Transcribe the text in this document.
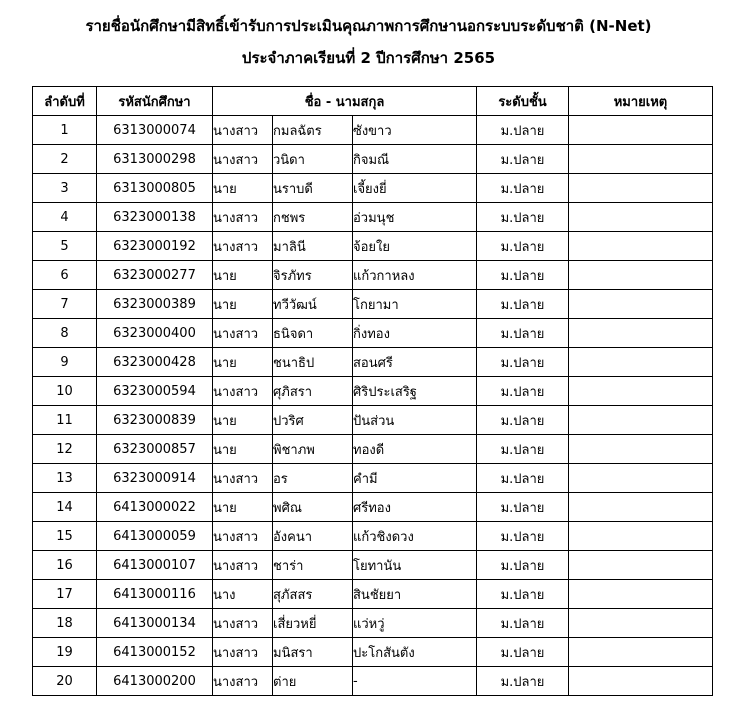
รายชื่อนักศึกษามีสิทธิ์เข้ารับการประเมินคุณภาพการศึกษานอกระบบระดับชาติ (N-Net)
ประจำภาคเรียนที่ 2 ปีการศึกษา 2565
ลำดับที่	รหัสนักศึกษา	ชื่อ - นามสกุล			ระดับชั้น	หมายเหตุ
1	6313000074	นางสาว	กมลฉัตร	ซังขาว	ม.ปลาย	
2	6313000298	นางสาว	วนิดา	กิจมณี	ม.ปลาย	
3	6313000805	นาย	นราบดี	เจี้ยงยี่	ม.ปลาย	
4	6323000138	นางสาว	กชพร	อ่วมนุช	ม.ปลาย	
5	6323000192	นางสาว	มาลินี	จ้อยใย	ม.ปลาย	
6	6323000277	นาย	จิรภัทร	แก้วกาหลง	ม.ปลาย	
7	6323000389	นาย	ทวีวัฒน์	โกยามา	ม.ปลาย	
8	6323000400	นางสาว	ธนิจดา	กิ่งทอง	ม.ปลาย	
9	6323000428	นาย	ชนาธิป	สอนศรี	ม.ปลาย	
10	6323000594	นางสาว	ศุภิสรา	ศิริประเสริฐ	ม.ปลาย	
11	6323000839	นาย	ปวริศ	ปันส่วน	ม.ปลาย	
12	6323000857	นาย	พิชาภพ	ทองดี	ม.ปลาย	
13	6323000914	นางสาว	อร	คำมี	ม.ปลาย	
14	6413000022	นาย	พศิณ	ศรีทอง	ม.ปลาย	
15	6413000059	นางสาว	อังคนา	แก้วชิงดวง	ม.ปลาย	
16	6413000107	นางสาว	ชาร่า	โยทานัน	ม.ปลาย	
17	6413000116	นาง	สุภัสสร	สินชัยยา	ม.ปลาย	
18	6413000134	นางสาว	เสี่ยวหยี่	แว่หวู่	ม.ปลาย	
19	6413000152	นางสาว	มนิสรา	ปะโกสันตัง	ม.ปลาย	
20	6413000200	นางสาว	ต่าย	-	ม.ปลาย	
